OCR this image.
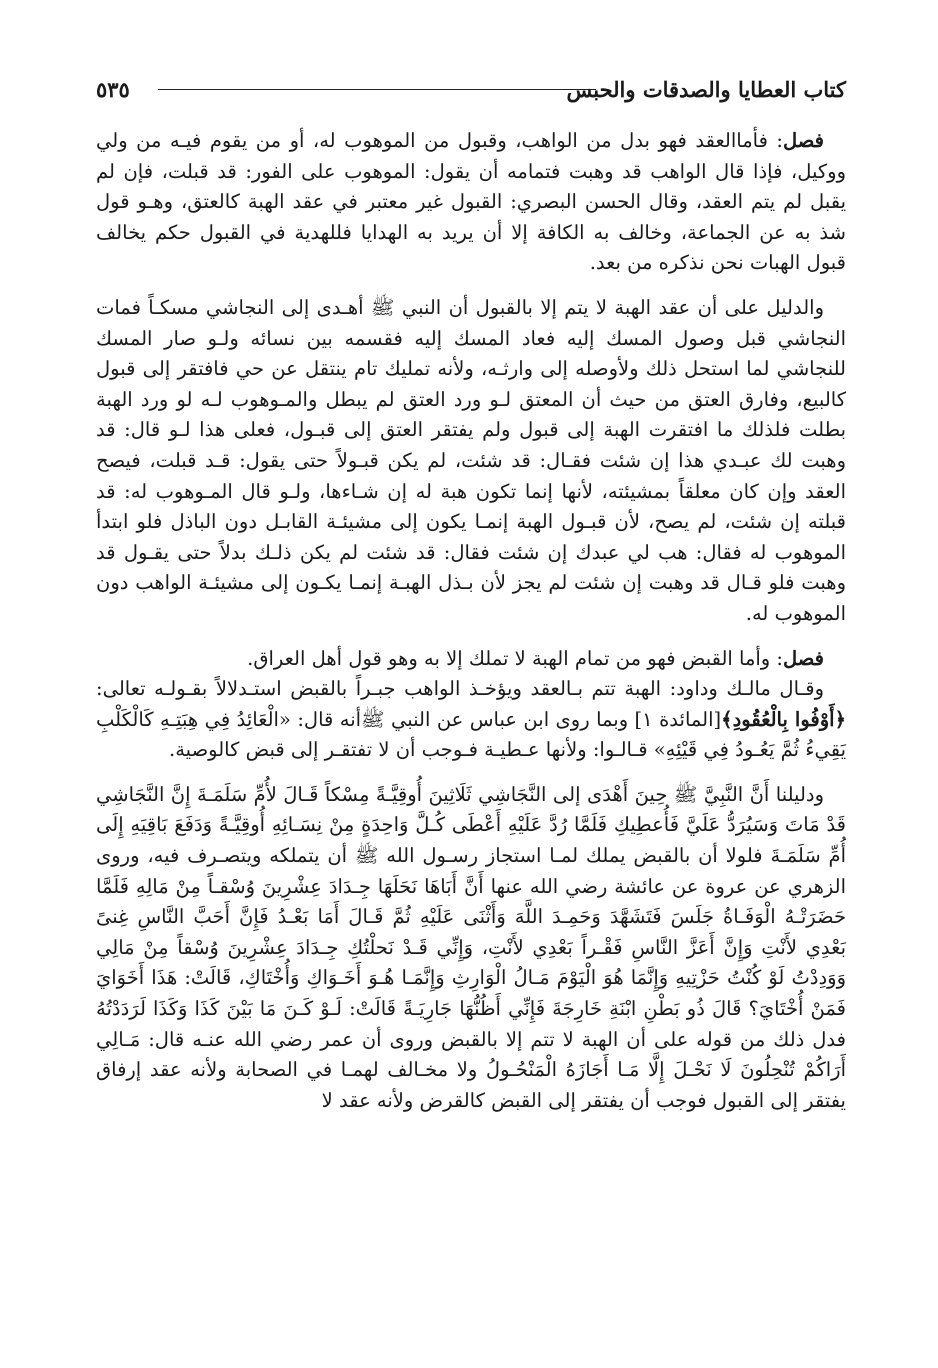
كتاب العطايا والصدقات والحبس
٥٣٥

فصل: فأماالعقد فهو بدل من الواهب، وقبول من الموهوب له، أو من يقوم فيـه من ولي ووكيل، فإذا قال الواهب قد وهبت فتمامه أن يقول: الموهوب على الفور: قد قبلت، فإن لم يقبل لم يتم العقد، وقال الحسن البصري: القبول غير معتبر في عقد الهبة كالعتق، وهـو قول شذ به عن الجماعة، وخالف به الكافة إلا أن يريد به الهدايا فللهدية في القبول حكم يخالف قبول الهبات نحن نذكره من بعد.

والدليل على أن عقد الهبة لا يتم إلا بالقبول أن النبي ﷺ أهـدى إلى النجاشي مسكـاً فمات النجاشي قبل وصول المسك إليه فعاد المسك إليه فقسمه بين نسائه ولـو صار المسك للنجاشي لما استحل ذلك ولأوصله إلى وارثـه، ولأنه تمليك تام ينتقل عن حي فافتقر إلى قبول كالبيع، وفارق العتق من حيث أن المعتق لـو ورد العتق لم يبطل والمـوهوب لـه لو ورد الهبة بطلت فلذلك ما افتقرت الهبة إلى قبول ولم يفتقر العتق إلى قبـول، فعلى هذا لـو قال: قد وهبت لك عبـدي هذا إن شئت فقـال: قد شئت، لم يكن قبـولاً حتى يقول: قـد قبلت، فيصح العقد وإن كان معلقاً بمشيئته، لأنها إنما تكون هبة له إن شـاءها، ولـو قال المـوهوب له: قد قبلته إن شئت، لم يصح، لأن قبـول الهبة إنمـا يكون إلى مشيئـة القابـل دون الباذل فلو ابتدأ الموهوب له فقال: هب لي عبدك إن شئت فقال: قد شئت لم يكن ذلـك بدلاً حتى يقـول قد وهبت فلو قـال قد وهبت إن شئت لم يجز لأن بـذل الهبـة إنمـا يكـون إلى مشيئـة الواهب دون الموهوب له.

فصل: وأما القبض فهو من تمام الهبة لا تملك إلا به وهو قول أهل العراق.

وقـال مالـك وداود: الهبة تتم بـالعقد ويؤخـذ الواهب جبـراً بالقبض استـدلالاً بقـولـه تعالى: ﴿أَوْفُوا بِالْعُقُودِ﴾[المائدة ١] وبما روى ابن عباس عن النبي ﷺأنه قال: «الْعَائِدُ فِي هِبَتِـهِ كَالْكَلْبِ يَقِيءُ ثُمَّ يَعُـودُ فِي قَيْئِهِ» قـالـوا: ولأنها عـطيـة فـوجب أن لا تفتقـر إلى قبض كالوصية.

ودليلنا أَنَّ النَّبِيَّ ﷺ حِينَ أَهْدَى إلى النَّجَاشِي ثَلَاثِينَ أُوقِيَّـةً مِسْكاً قَـالَ لأُمِّ سَلَمَـةَ إِنَّ النَّجَاشِي قَدْ مَاتَ وَسَيُرَدُّ عَلَيَّ فَأُعطِيكِ فَلَمَّا رُدَّ عَلَيْهِ أَعْطَى كُـلَّ وَاحِدَةٍ مِنْ نِسَـائِهِ أُوقِيَّـةً وَدَفَعَ بَاقِيَهِ إِلَى أُمِّ سَلَمَـةَ فلولا أن بالقبض يملك لمـا استجاز رسـول الله ﷺ أن يتملكه ويتصـرف فيه، وروى الزهري عن عروة عن عائشة رضي الله عنها أَنَّ أَبَاهَا نَحَلَهَا جِـدَادَ عِشْرِينَ وُسْقـاً مِنْ مَالِهِ فَلَمَّا حَضَرَتْـهُ الْوَفَـاةُ جَلَسَ فَتَشَهَّدَ وَحَمِـدَ اللَّهَ وَأَثْنَى عَلَيْهِ ثُمَّ قَـالَ أَمَا بَعْـدُ فَإِنَّ أَحَبَّ النَّاسِ غِنىً بَعْدِي لأَنْتِ وَإِنَّ أَعَزَّ النَّاسِ فَقْـراً بَعْدِي لأَنْتِ، وَإِنِّي قَـدْ نَحلْتُكِ جِـدَادَ عِشْرِينَ وُسْقاً مِنْ مَالِي وَوَدِدْتُ لَوْ كُنْتُ حَزْتِيهِ وَإِنَّمَا هُوَ الْيَوْمَ مَـالُ الْوَارِثِ وَإِنَّمَـا هُـوَ أَخَـوَاكِ وَأُخْتَاكِ، قَالَتْ: هَذَا أَخَوَايَ فَمَنْ أُخْتَايَ؟ قَالَ ذُو بَطْنِ ابْنَةِ خَارِجَةَ فَإِنِّي أَظُنُّهَا جَارِيَـةً قَالَتْ: لَـوْ كَـنَ مَا بَيْنَ كَذَا وَكَذَا لَرَدَدْتُهُ فدل ذلك من قوله على أن الهبة لا تتم إلا بالقبض وروى أن عمر رضي الله عنـه قال: مَـالِي أَرَاكُمْ تُنْحِلُونَ لَا نَحْـلَ إِلَّا مَـا أَجَازَهُ الْمَنْحُـولُ ولا مخـالف لهمـا في الصحابة ولأنه عقد إرفاق يفتقر إلى القبول فوجب أن يفتقر إلى القبض كالقرض ولأنه عقد لا
